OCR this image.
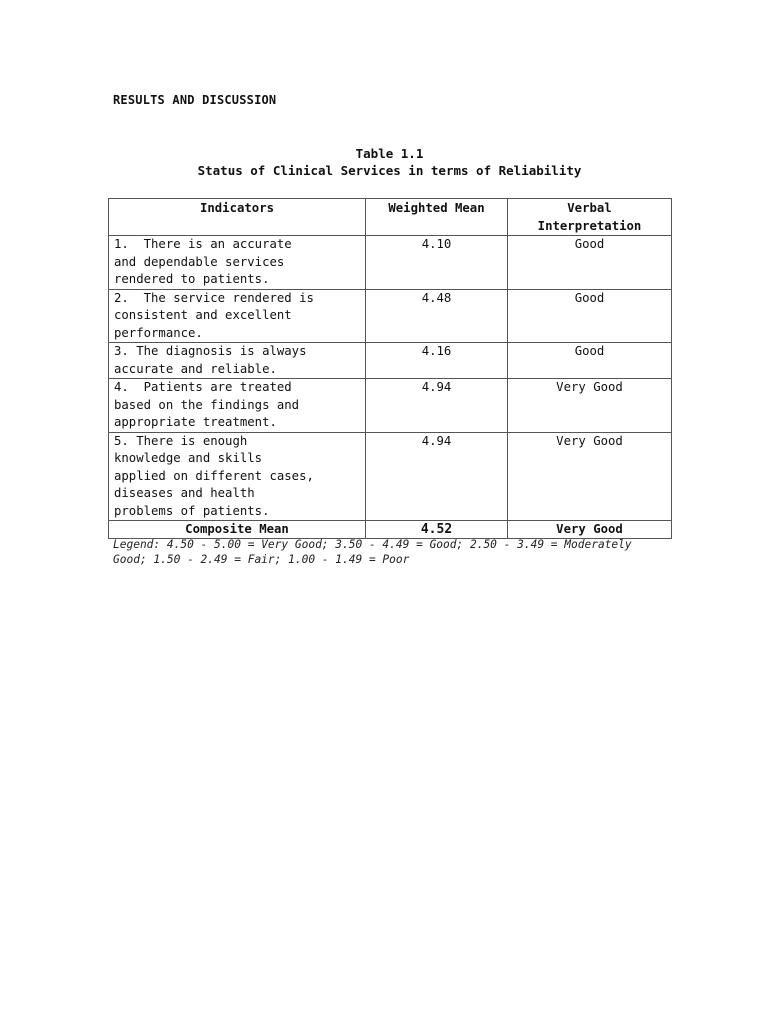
RESULTS AND DISCUSSION
Table 1.1
Status of Clinical Services in terms of Reliability
Indicators	Weighted Mean	Verbal
Interpretation
1.  There is an accurate
and dependable services
rendered to patients.	4.10	Good
2.  The service rendered is
consistent and excellent
performance.	4.48	Good
3. The diagnosis is always
accurate and reliable.	4.16	Good
4.  Patients are treated
based on the findings and
appropriate treatment.	4.94	Very Good
5. There is enough
knowledge and skills
applied on different cases,
diseases and health
problems of patients.	4.94	Very Good
Composite Mean	4.52	Very Good
Legend: 4.50 - 5.00 = Very Good; 3.50 - 4.49 = Good; 2.50 - 3.49 = Moderately Good; 1.50 - 2.49 = Fair; 1.00 - 1.49 = Poor
